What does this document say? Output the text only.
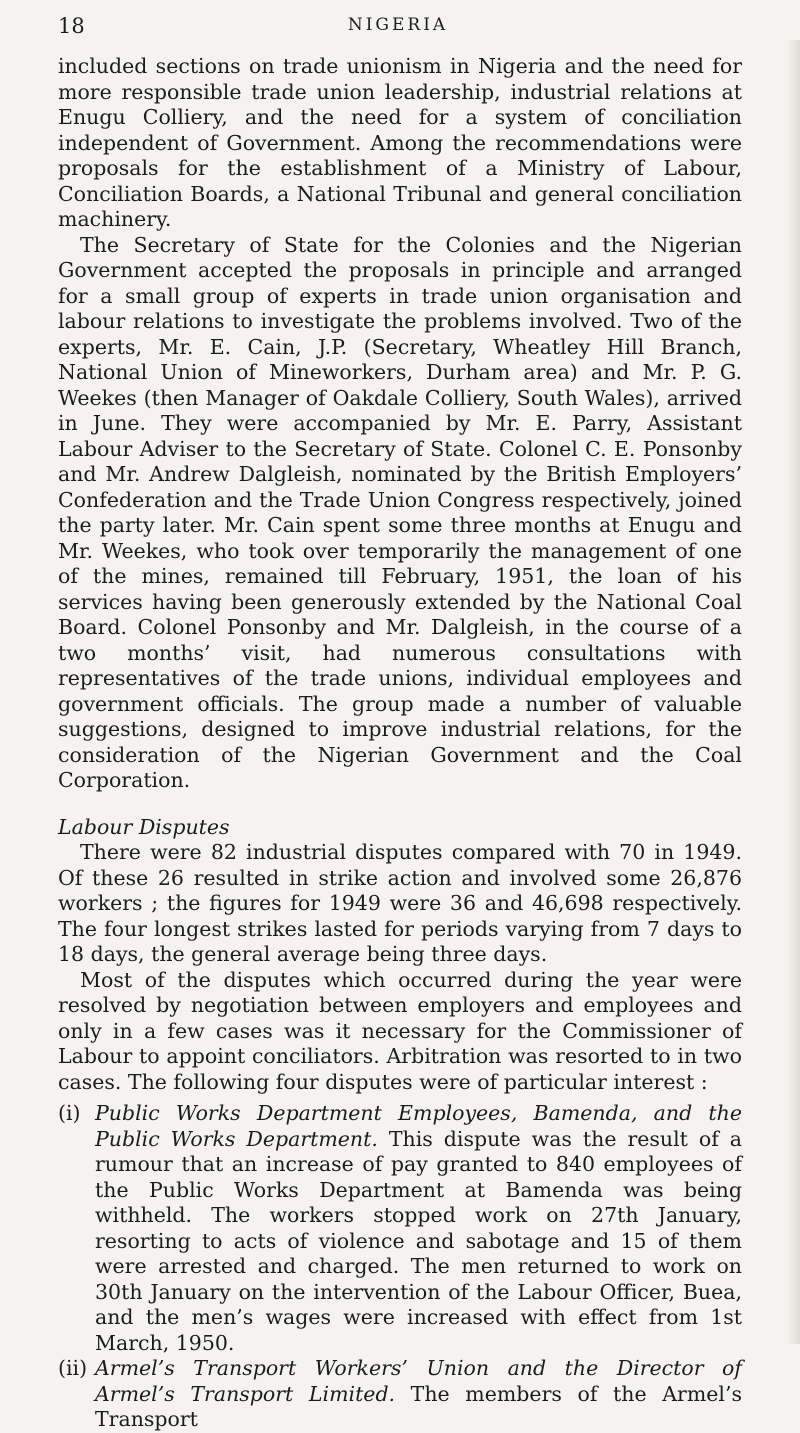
18	NIGERIA

included sections on trade unionism in Nigeria and the need for more responsible trade union leadership, industrial relations at Enugu Colliery, and the need for a system of conciliation independent of Government. Among the recommendations were proposals for the establishment of a Ministry of Labour, Conciliation Boards, a National Tribunal and general conciliation machinery.

The Secretary of State for the Colonies and the Nigerian Government accepted the proposals in principle and arranged for a small group of experts in trade union organisation and labour relations to investigate the problems involved. Two of the experts, Mr. E. Cain, J.P. (Secretary, Wheatley Hill Branch, National Union of Mineworkers, Durham area) and Mr. P. G. Weekes (then Manager of Oakdale Colliery, South Wales), arrived in June. They were accompanied by Mr. E. Parry, Assistant Labour Adviser to the Secretary of State. Colonel C. E. Ponsonby and Mr. Andrew Dalgleish, nominated by the British Employers’ Confederation and the Trade Union Congress respectively, joined the party later. Mr. Cain spent some three months at Enugu and Mr. Weekes, who took over temporarily the management of one of the mines, remained till February, 1951, the loan of his services having been generously extended by the National Coal Board. Colonel Ponsonby and Mr. Dalgleish, in the course of a two months’ visit, had numerous consultations with representatives of the trade unions, individual employees and government officials. The group made a number of valuable suggestions, designed to improve industrial relations, for the consideration of the Nigerian Government and the Coal Corporation.

Labour Disputes

There were 82 industrial disputes compared with 70 in 1949. Of these 26 resulted in strike action and involved some 26,876 workers ; the figures for 1949 were 36 and 46,698 respectively. The four longest strikes lasted for periods varying from 7 days to 18 days, the general average being three days.

Most of the disputes which occurred during the year were resolved by negotiation between employers and employees and only in a few cases was it necessary for the Commissioner of Labour to appoint conciliators. Arbitration was resorted to in two cases. The following four disputes were of particular interest :

(i) Public Works Department Employees, Bamenda, and the Public Works Department. This dispute was the result of a rumour that an increase of pay granted to 840 employees of the Public Works Department at Bamenda was being withheld. The workers stopped work on 27th January, resorting to acts of violence and sabotage and 15 of them were arrested and charged. The men returned to work on 30th January on the intervention of the Labour Officer, Buea, and the men’s wages were increased with effect from 1st March, 1950.

(ii) Armel’s Transport Workers’ Union and the Director of Armel’s Transport Limited. The members of the Armel’s Transport
